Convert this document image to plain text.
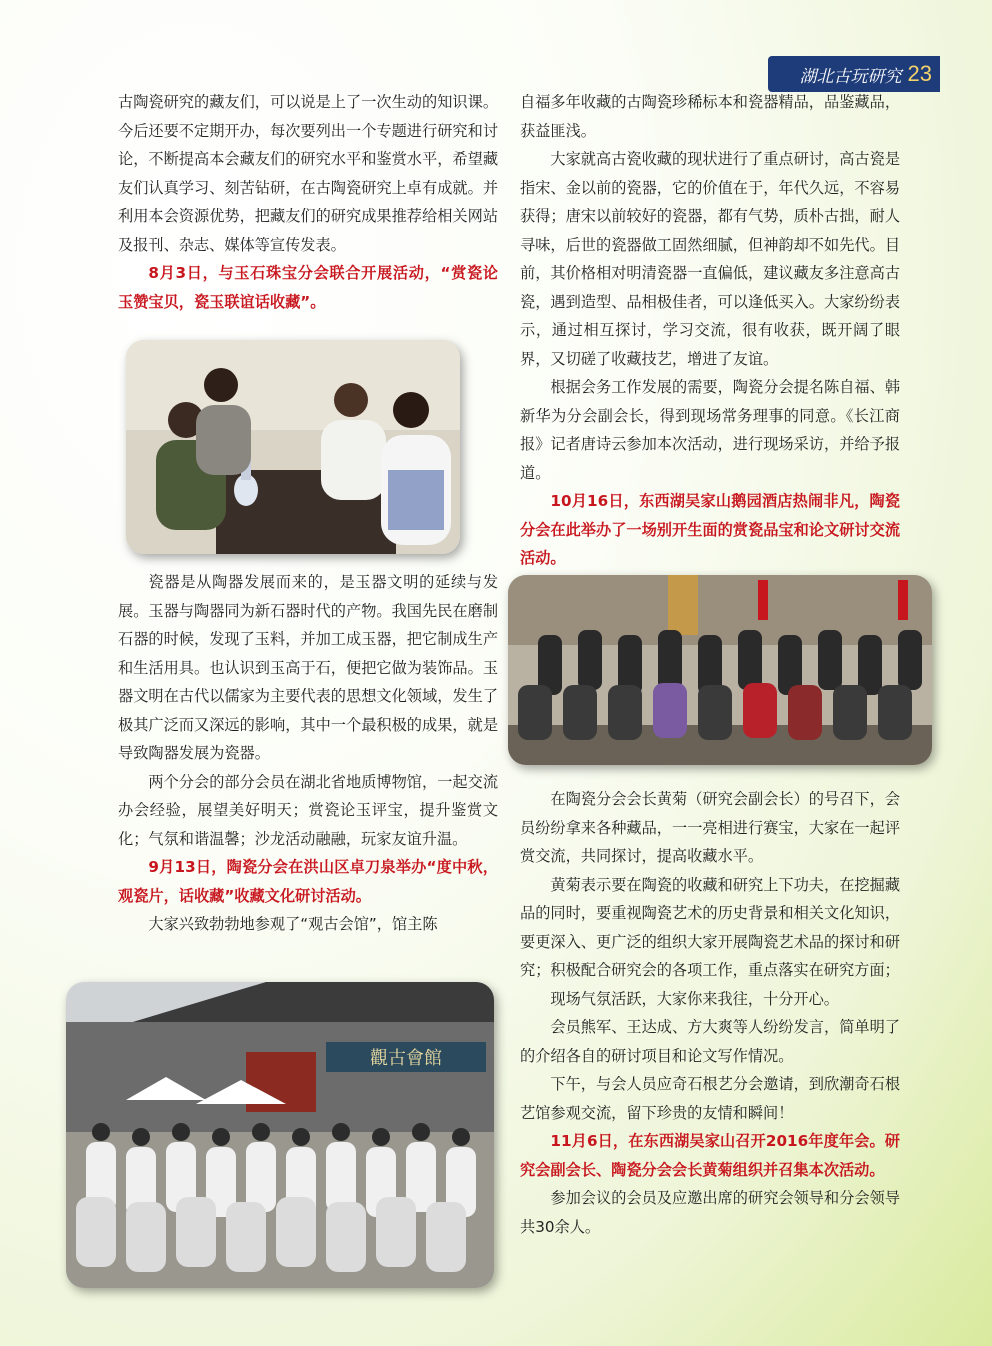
湖北古玩研究 23

古陶瓷研究的藏友们，可以说是上了一次生动的知识课。今后还要不定期开办，每次要列出一个专题进行研究和讨论，不断提高本会藏友们的研究水平和鉴赏水平，希望藏友们认真学习、刻苦钻研，在古陶瓷研究上卓有成就。并利用本会资源优势，把藏友们的研究成果推荐给相关网站及报刊、杂志、媒体等宣传发表。

8月3日，与玉石珠宝分会联合开展活动，“赏瓷论玉赞宝贝，瓷玉联谊话收藏”。

瓷器是从陶器发展而来的，是玉器文明的延续与发展。玉器与陶器同为新石器时代的产物。我国先民在磨制石器的时候，发现了玉料，并加工成玉器，把它制成生产和生活用具。也认识到玉高于石，便把它做为装饰品。玉器文明在古代以儒家为主要代表的思想文化领域，发生了极其广泛而又深远的影响，其中一个最积极的成果，就是导致陶器发展为瓷器。

两个分会的部分会员在湖北省地质博物馆，一起交流办会经验，展望美好明天；赏瓷论玉评宝，提升鉴赏文化；气氛和谐温馨；沙龙活动融融，玩家友谊升温。

9月13日，陶瓷分会在洪山区卓刀泉举办“度中秋，观瓷片，话收藏”收藏文化研讨活动。

大家兴致勃勃地参观了“观古会馆”，馆主陈

觀古會館

自福多年收藏的古陶瓷珍稀标本和瓷器精品，品鉴藏品，获益匪浅。

大家就高古瓷收藏的现状进行了重点研讨，高古瓷是指宋、金以前的瓷器，它的价值在于，年代久远，不容易获得；唐宋以前较好的瓷器，都有气势，质朴古拙，耐人寻味，后世的瓷器做工固然细腻，但神韵却不如先代。目前，其价格相对明清瓷器一直偏低，建议藏友多注意高古瓷，遇到造型、品相极佳者，可以逢低买入。大家纷纷表示，通过相互探讨，学习交流，很有收获，既开阔了眼界，又切磋了收藏技艺，增进了友谊。

根据会务工作发展的需要，陶瓷分会提名陈自福、韩新华为分会副会长，得到现场常务理事的同意。《长江商报》记者唐诗云参加本次活动，进行现场采访，并给予报道。

10月16日，东西湖吴家山鹅园酒店热闹非凡，陶瓷分会在此举办了一场别开生面的赏瓷品宝和论文研讨交流活动。

在陶瓷分会会长黄菊（研究会副会长）的号召下，会员纷纷拿来各种藏品，一一亮相进行赛宝，大家在一起评赏交流，共同探讨，提高收藏水平。

黄菊表示要在陶瓷的收藏和研究上下功夫，在挖掘藏品的同时，要重视陶瓷艺术的历史背景和相关文化知识，要更深入、更广泛的组织大家开展陶瓷艺术品的探讨和研究；积极配合研究会的各项工作，重点落实在研究方面；

现场气氛活跃，大家你来我往，十分开心。

会员熊军、王达成、方大爽等人纷纷发言，简单明了的介绍各自的研讨项目和论文写作情况。

下午，与会人员应奇石根艺分会邀请，到欣潮奇石根艺馆参观交流，留下珍贵的友情和瞬间！

11月6日，在东西湖吴家山召开2016年度年会。研究会副会长、陶瓷分会会长黄菊组织并召集本次活动。

参加会议的会员及应邀出席的研究会领导和分会领导共30余人。
